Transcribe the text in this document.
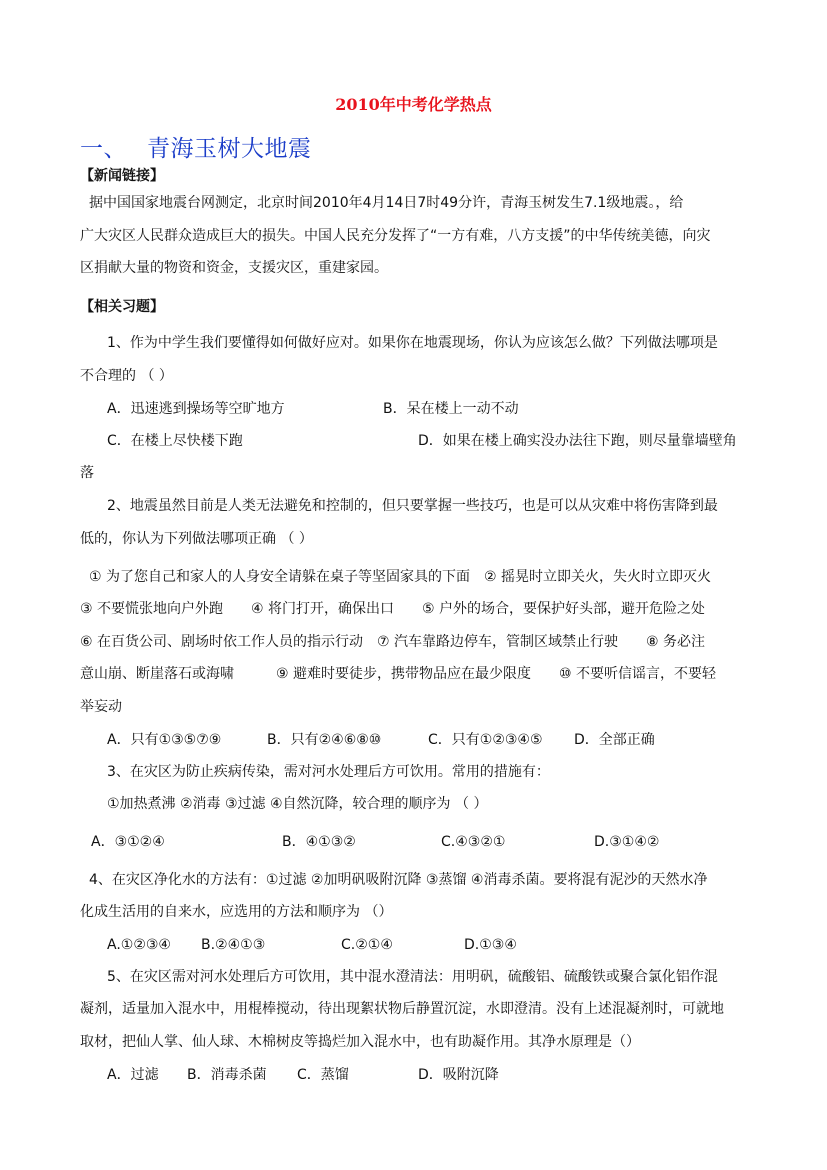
2010年中考化学热点
一、 青海玉树大地震
【新闻链接】
据中国国家地震台网测定，北京时间2010年4月14日7时49分许，青海玉树发生7.1级地震。，给
广大灾区人民群众造成巨大的损失。中国人民充分发挥了“一方有难，八方支援”的中华传统美德，向灾
区捐献大量的物资和资金，支援灾区，重建家园。
【相关习题】
1、作为中学生我们要懂得如何做好应对。如果你在地震现场，你认为应该怎么做？下列做法哪项是
不合理的 （ ）
A．迅速逃到操场等空旷地方	B．呆在楼上一动不动
C．在楼上尽快楼下跑	D．如果在楼上确实没办法往下跑，则尽量靠墙壁角
落
2、地震虽然目前是人类无法避免和控制的，但只要掌握一些技巧，也是可以从灾难中将伤害降到最
低的，你认为下列做法哪项正确 （ ）
① 为了您自己和家人的人身安全请躲在桌子等坚固家具的下面　② 摇晃时立即关火，失火时立即灭火
③ 不要慌张地向户外跑　　④ 将门打开，确保出口　　⑤ 户外的场合，要保护好头部，避开危险之处
⑥ 在百货公司、剧场时依工作人员的指示行动　⑦ 汽车靠路边停车，管制区域禁止行驶　　⑧ 务必注
意山崩、断崖落石或海啸　　　⑨ 避难时要徒步，携带物品应在最少限度　　⑩ 不要听信谣言，不要轻
举妄动
A．只有①③⑤⑦⑨	B．只有②④⑥⑧⑩	C．只有①②③④⑤ D．全部正确
3、在灾区为防止疾病传染，需对河水处理后方可饮用。常用的措施有：
①加热煮沸 ②消毒 ③过滤 ④自然沉降，较合理的顺序为 （ ）
A．③①②④	B．④①③②	C.④③②①	D.③①④②
4、在灾区净化水的方法有：①过滤 ②加明矾吸附沉降 ③蒸馏 ④消毒杀菌。要将混有泥沙的天然水净
化成生活用的自来水，应选用的方法和顺序为 （）
A.①②③④ B.②④①③	C.②①④	D.①③④
5、在灾区需对河水处理后方可饮用，其中混水澄清法：用明矾，硫酸铝、硫酸铁或聚合氯化铝作混
凝剂，适量加入混水中，用棍棒搅动，待出现絮状物后静置沉淀，水即澄清。没有上述混凝剂时，可就地
取材，把仙人掌、仙人球、木棉树皮等捣烂加入混水中，也有助凝作用。其净水原理是（）
A．过滤 B．消毒杀菌 C．蒸馏	D．吸附沉降
